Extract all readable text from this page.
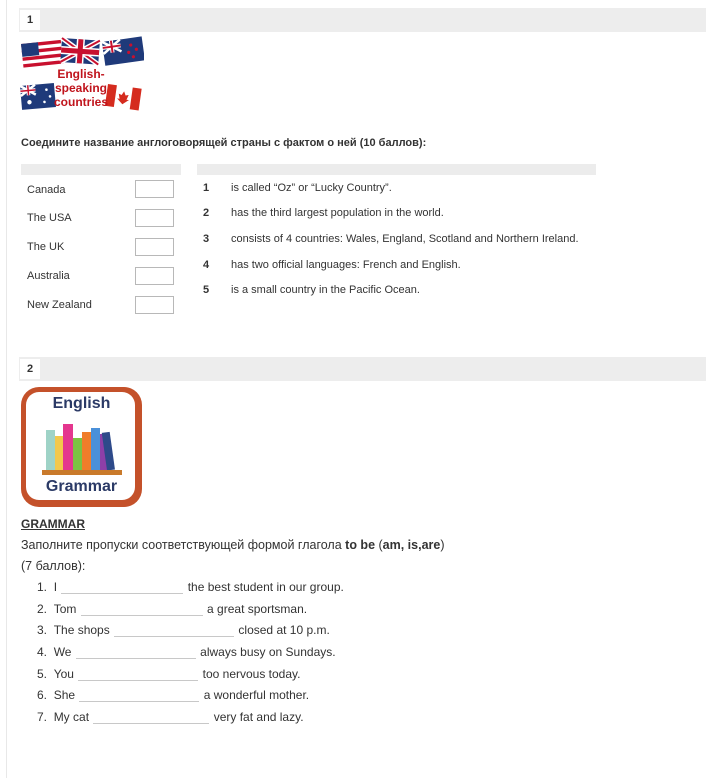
1
English-
speaking
countries
Соедините название англоговорящей страны с фактом о ней (10 баллов):
Canada
The USA
The UK
Australia
New Zealand
1 is called “Oz” or “Lucky Country”.
2 has the third largest population in the world.
3 consists of 4 countries: Wales, England, Scotland and Northern Ireland.
4 has two official languages: French and English.
5 is a small country in the Pacific Ocean.
2
English
Grammar
GRAMMAR
Заполните пропуски соответствующей формой глагола to be (am, is,are)
(7 баллов):
1. I	the best student in our group.
2. Tom	a great sportsman.
3. The shops	closed at 10 p.m.
4. We	always busy on Sundays.
5. You	too nervous today.
6. She	a wonderful mother.
7. My cat	very fat and lazy.
